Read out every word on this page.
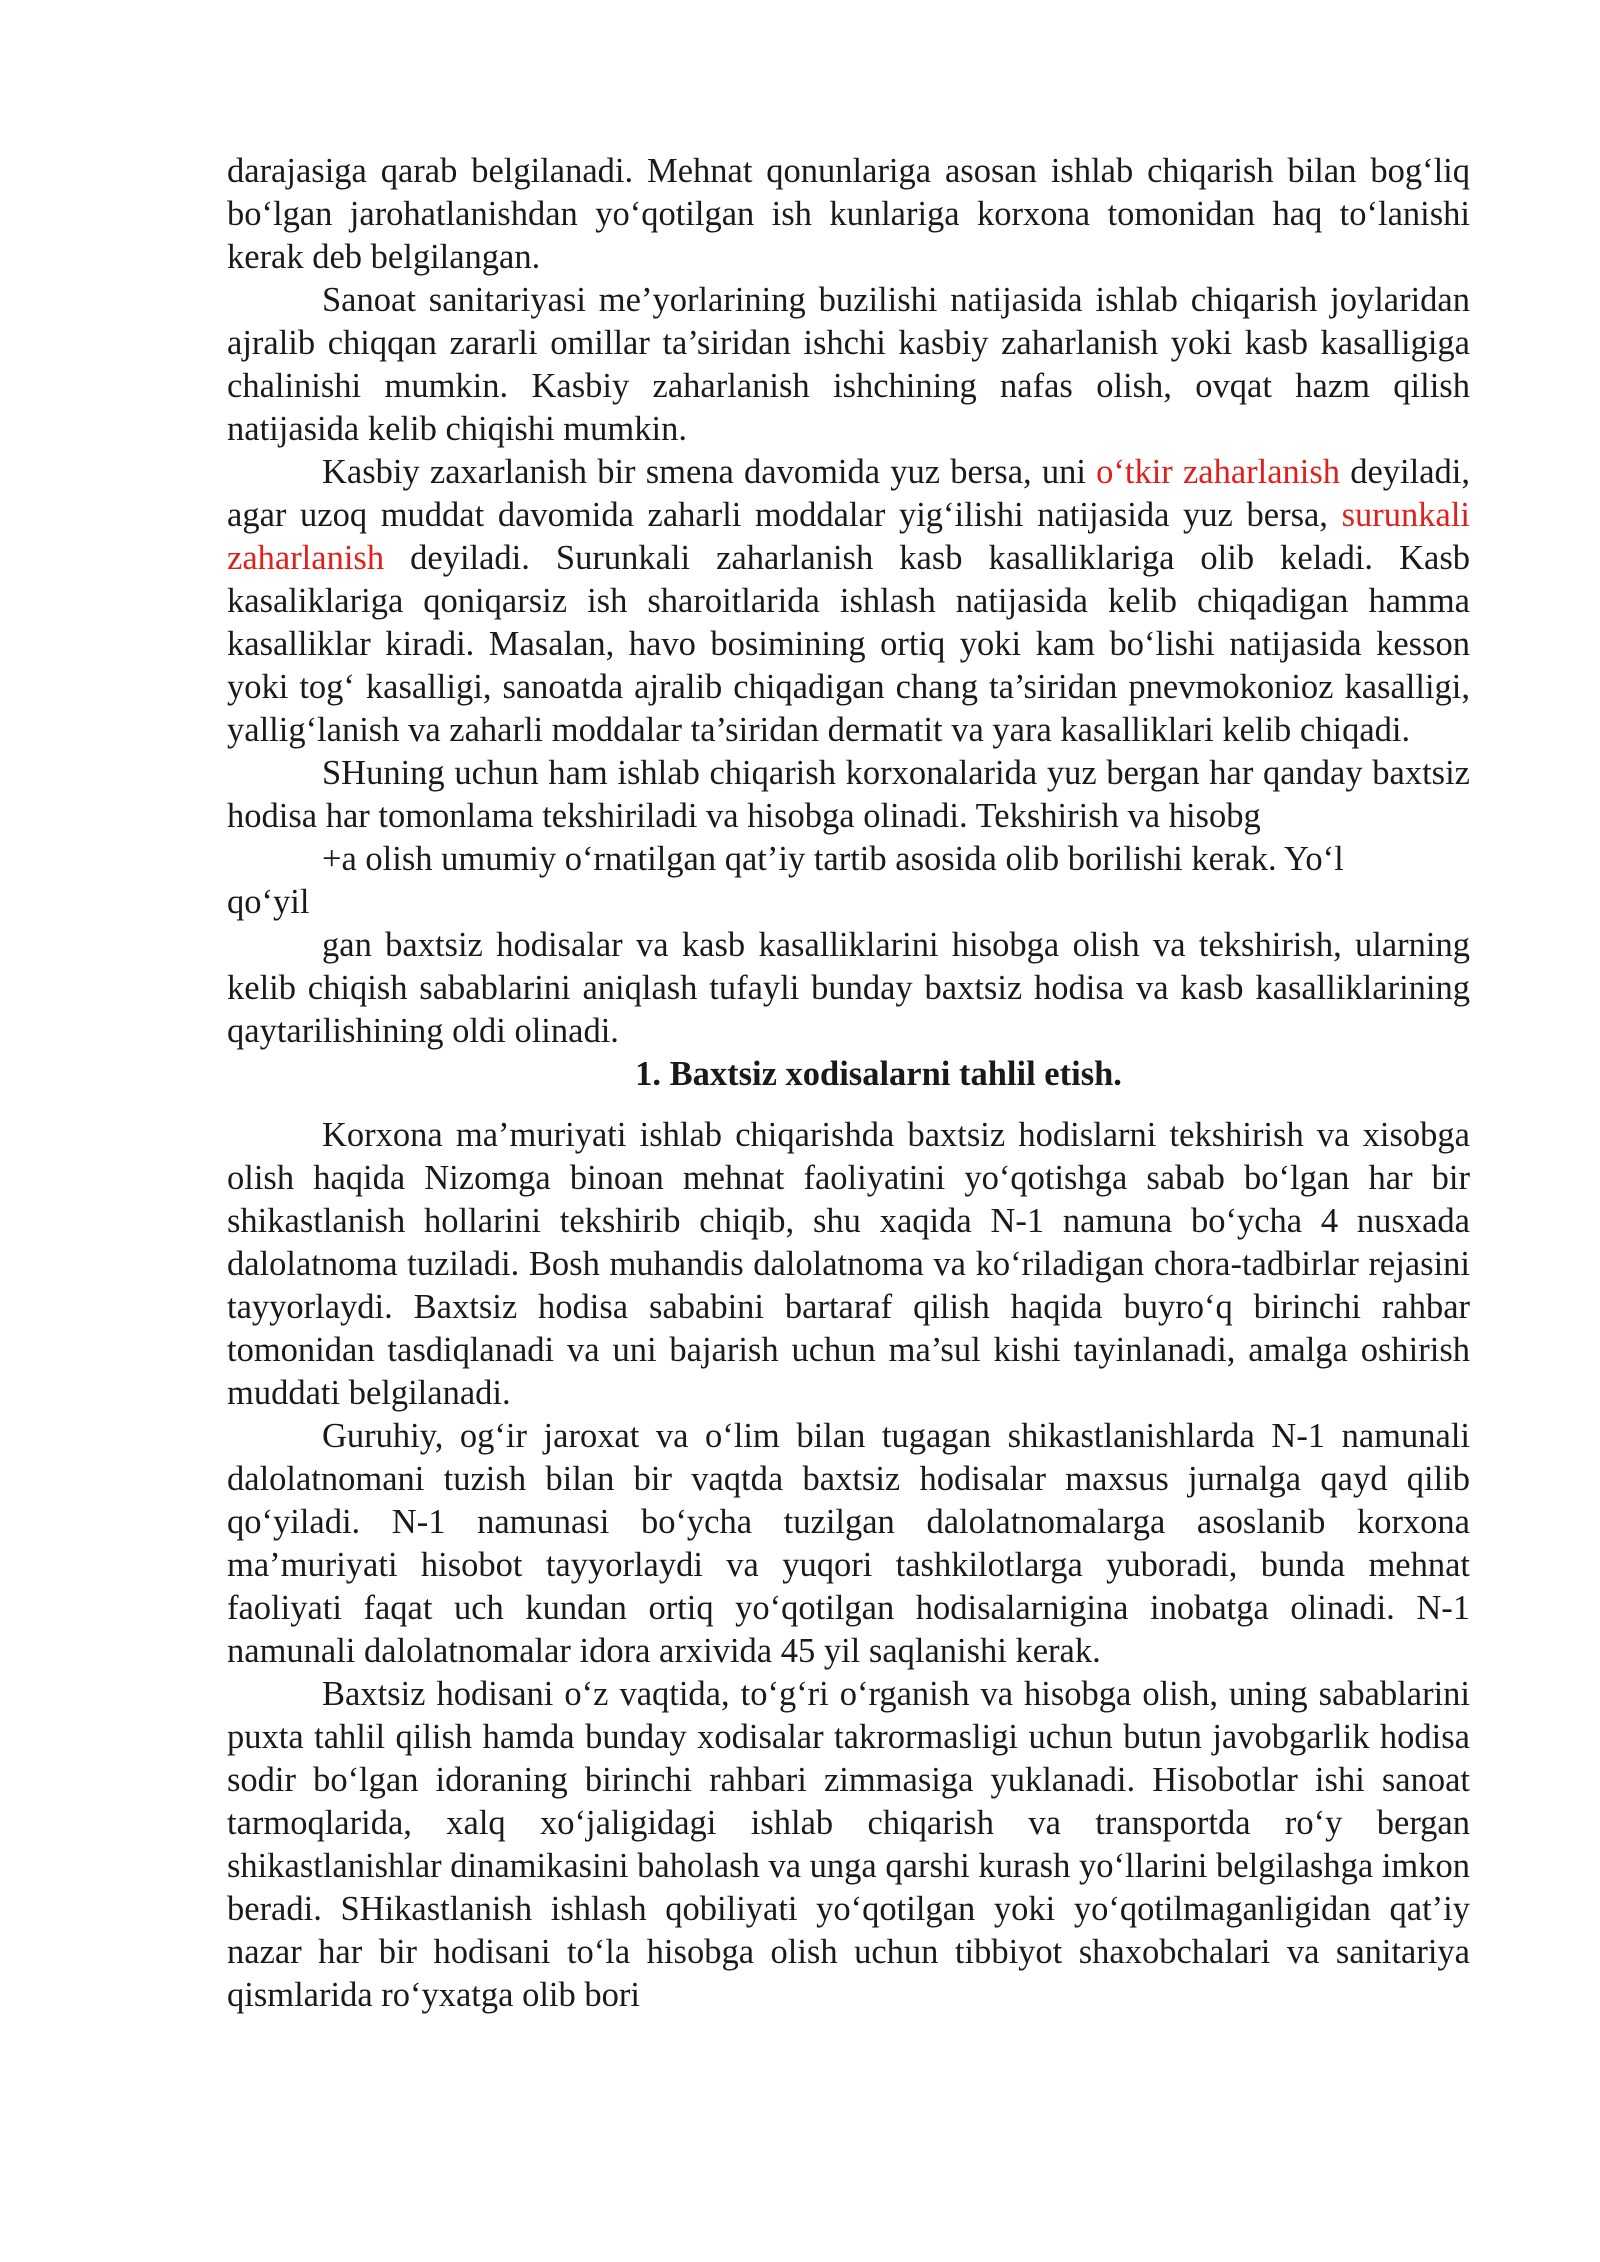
darajasiga qarab belgilanadi. Mehnat qonunlariga asosan ishlab chiqarish bilan bog‘liq bo‘lgan jarohatlanishdan yo‘qotilgan ish kunlariga korxona tomonidan haq to‘lanishi kerak deb belgilangan.

Sanoat sanitariyasi me’yorlarining buzilishi natijasida ishlab chiqarish joylaridan ajralib chiqqan zararli omillar ta’siridan ishchi kasbiy zaharlanish yoki kasb kasalligiga chalinishi mumkin. Kasbiy zaharlanish ishchining nafas olish, ovqat hazm qilish natijasida kelib chiqishi mumkin.

Kasbiy zaxarlanish bir smena davomida yuz bersa, uni o‘tkir zaharlanish deyiladi, agar uzoq muddat davomida zaharli moddalar yig‘ilishi natijasida yuz bersa, surunkali zaharlanish deyiladi. Surunkali zaharlanish kasb kasalliklariga olib keladi. Kasb kasaliklariga qoniqarsiz ish sharoitlarida ishlash natijasida kelib chiqadigan hamma kasalliklar kiradi. Masalan, havo bosimining ortiq yoki kam bo‘lishi natijasida kesson yoki tog‘ kasalligi, sanoatda ajralib chiqadigan chang ta’siridan pnevmokonioz kasalligi, yallig‘lanish va zaharli moddalar ta’siridan dermatit va yara kasalliklari kelib chiqadi.

SHuning uchun ham ishlab chiqarish korxonalarida yuz bergan har qanday baxtsiz hodisa har tomonlama tekshiriladi va hisobga olinadi. Tekshirish va hisobg

+a olish umumiy o‘rnatilgan qat’iy tartib asosida olib borilishi kerak. Yo‘l

qo‘yil

gan baxtsiz hodisalar va kasb kasalliklarini hisobga olish va tekshirish, ularning kelib chiqish sabablarini aniqlash tufayli bunday baxtsiz hodisa va kasb kasalliklarining qaytarilishining oldi olinadi.

1. Baxtsiz xodisalarni tahlil etish.

Korxona ma’muriyati ishlab chiqarishda baxtsiz hodislarni tekshirish va xisobga olish haqida Nizomga binoan mehnat faoliyatini yo‘qotishga sabab bo‘lgan har bir shikastlanish hollarini tekshirib chiqib, shu xaqida N-1 namuna bo‘ycha 4 nusxada dalolatnoma tuziladi. Bosh muhandis dalolatnoma va ko‘riladigan chora-tadbirlar rejasini tayyorlaydi. Baxtsiz hodisa sababini bartaraf qilish haqida buyro‘q birinchi rahbar tomonidan tasdiqlanadi va uni bajarish uchun ma’sul kishi tayinlanadi, amalga oshirish muddati belgilanadi.

Guruhiy, og‘ir jaroxat va o‘lim bilan tugagan shikastlanishlarda N-1 namunali dalolatnomani tuzish bilan bir vaqtda baxtsiz hodisalar maxsus jurnalga qayd qilib qo‘yiladi. N-1 namunasi bo‘ycha tuzilgan dalolatnomalarga asoslanib korxona ma’muriyati hisobot tayyorlaydi va yuqori tashkilotlarga yuboradi, bunda mehnat faoliyati faqat uch kundan ortiq yo‘qotilgan hodisalarnigina inobatga olinadi. N-1 namunali dalolatnomalar idora arxivida 45 yil saqlanishi kerak.

Baxtsiz hodisani o‘z vaqtida, to‘g‘ri o‘rganish va hisobga olish, uning sabablarini puxta tahlil qilish hamda bunday xodisalar takrormasligi uchun butun javobgarlik hodisa sodir bo‘lgan idoraning birinchi rahbari zimmasiga yuklanadi. Hisobotlar ishi sanoat tarmoqlarida, xalq xo‘jaligidagi ishlab chiqarish va transportda ro‘y bergan shikastlanishlar dinamikasini baholash va unga qarshi kurash yo‘llarini belgilashga imkon beradi. SHikastlanish ishlash qobiliyati yo‘qotilgan yoki yo‘qotilmaganligidan qat’iy nazar har bir hodisani to‘la hisobga olish uchun tibbiyot shaxobchalari va sanitariya qismlarida ro‘yxatga olib bori
